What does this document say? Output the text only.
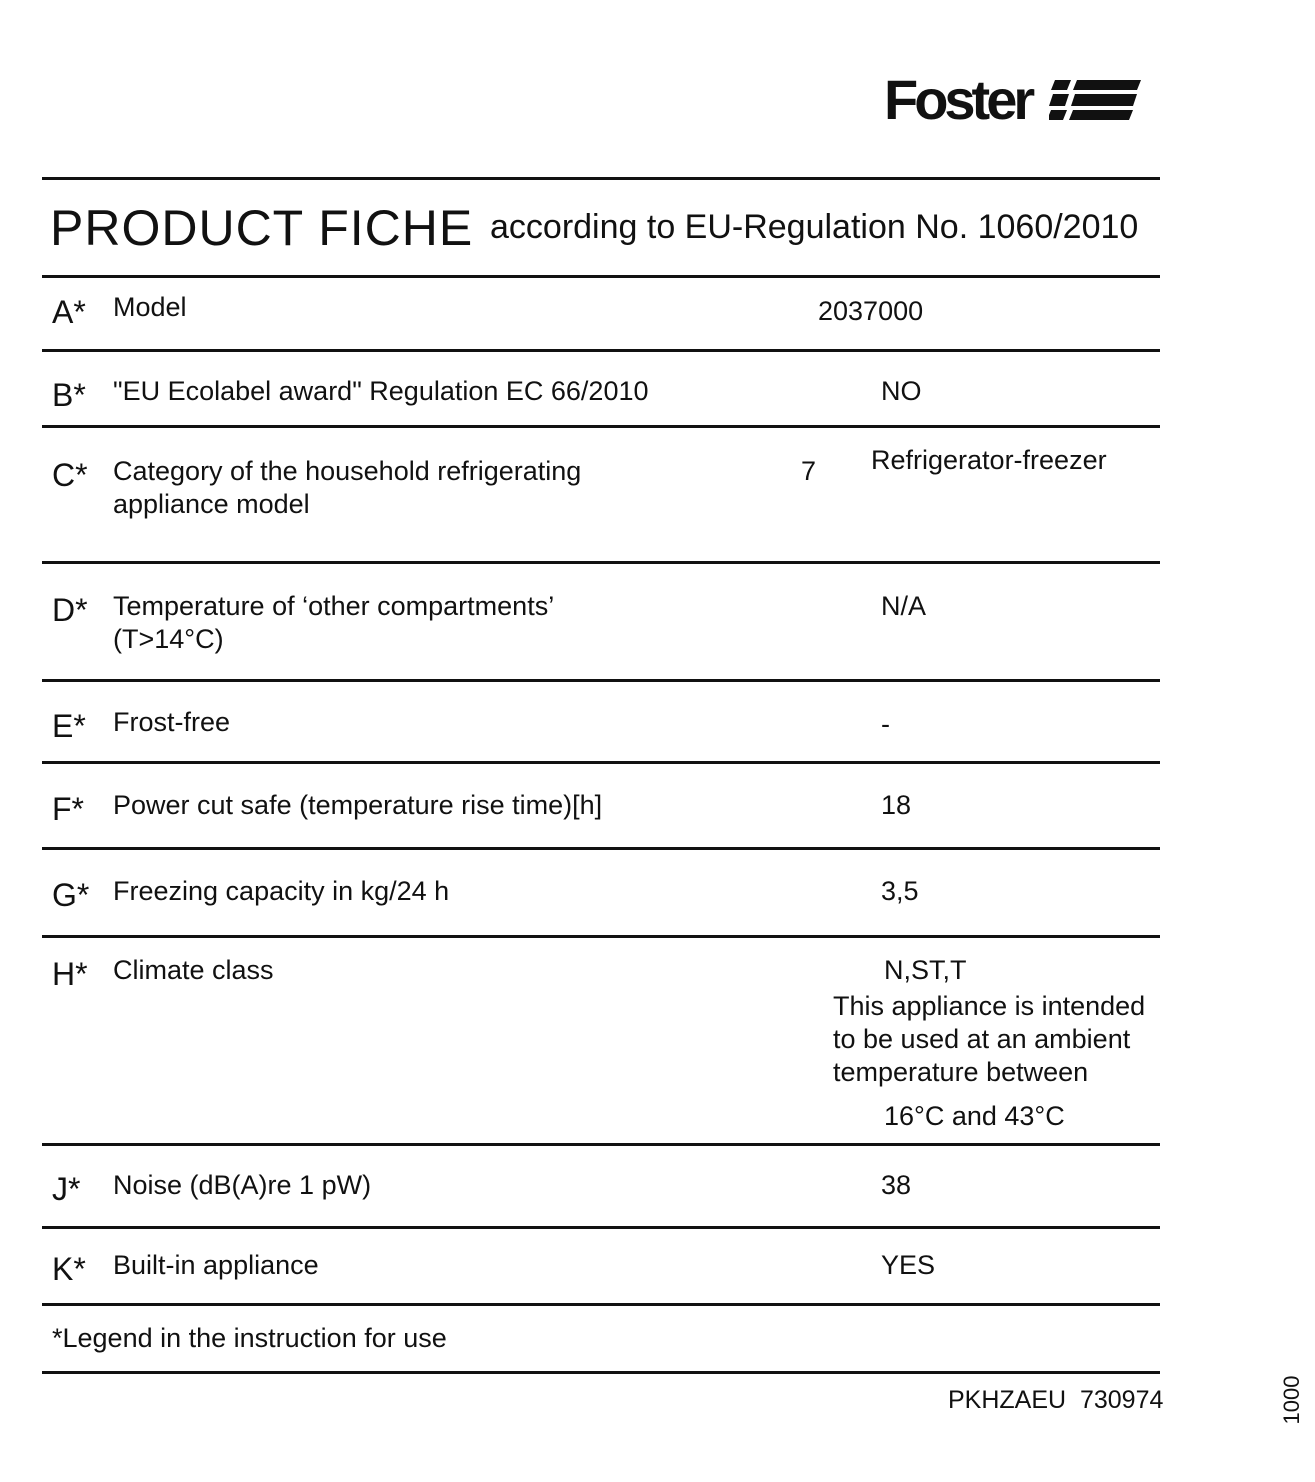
Foster
PRODUCT FICHE according to EU-Regulation No. 1060/2010
A* Model	2037000
B* "EU Ecolabel award" Regulation EC 66/2010	NO
C* Category of the household refrigerating
appliance model
7 Refrigerator-freezer
D* Temperature of ‘other compartments’
(T>14°C)
N/A
E* Frost-free	-
F* Power cut safe (temperature rise time)[h]	18
G* Freezing capacity in kg/24 h	3,5
H* Climate class	N,ST,T
This appliance is intended
to be used at an ambient
temperature between
16°C and 43°C
J* Noise (dB(A)re 1 pW)	38
K* Built-in appliance	YES
*Legend in the instruction for use
PKHZAEU  730974	1000
